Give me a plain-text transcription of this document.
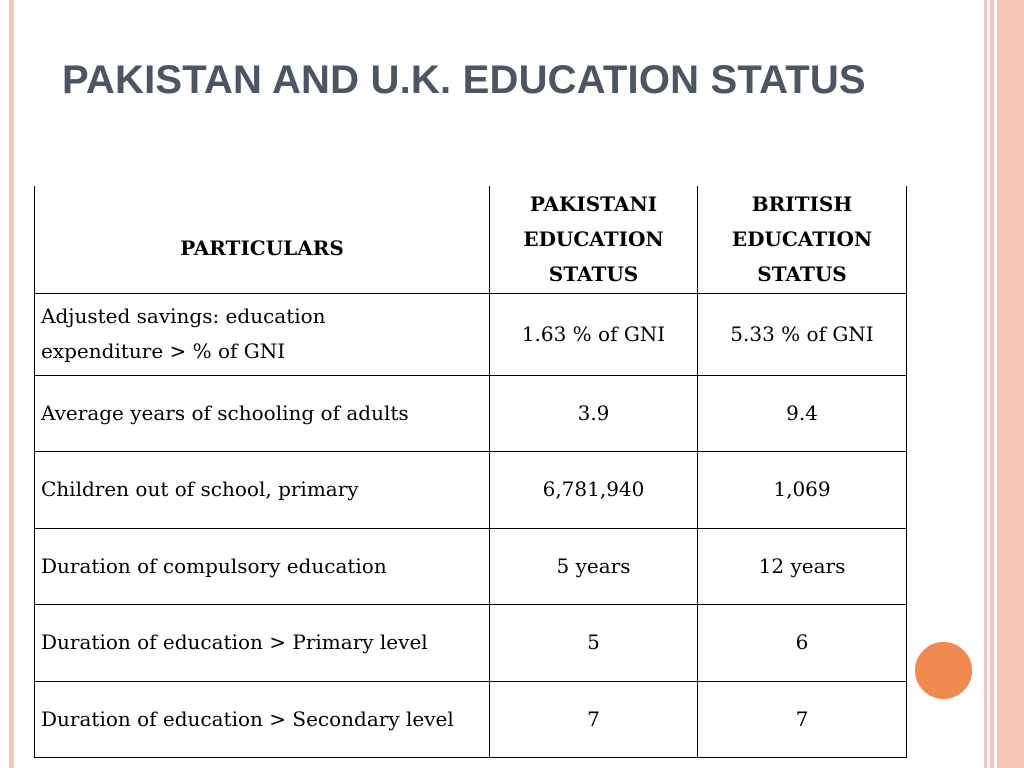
PAKISTAN AND U.K. EDUCATION STATUS
PARTICULARS	PAKISTANI EDUCATION STATUS	BRITISH EDUCATION STATUS
Adjusted savings: education expenditure > % of GNI	1.63 % of GNI	5.33 % of GNI
Average years of schooling of adults	3.9	9.4
Children out of school, primary	6,781,940	1,069
Duration of compulsory education	5 years	12 years
Duration of education > Primary level	5	6
Duration of education > Secondary level	7	7
